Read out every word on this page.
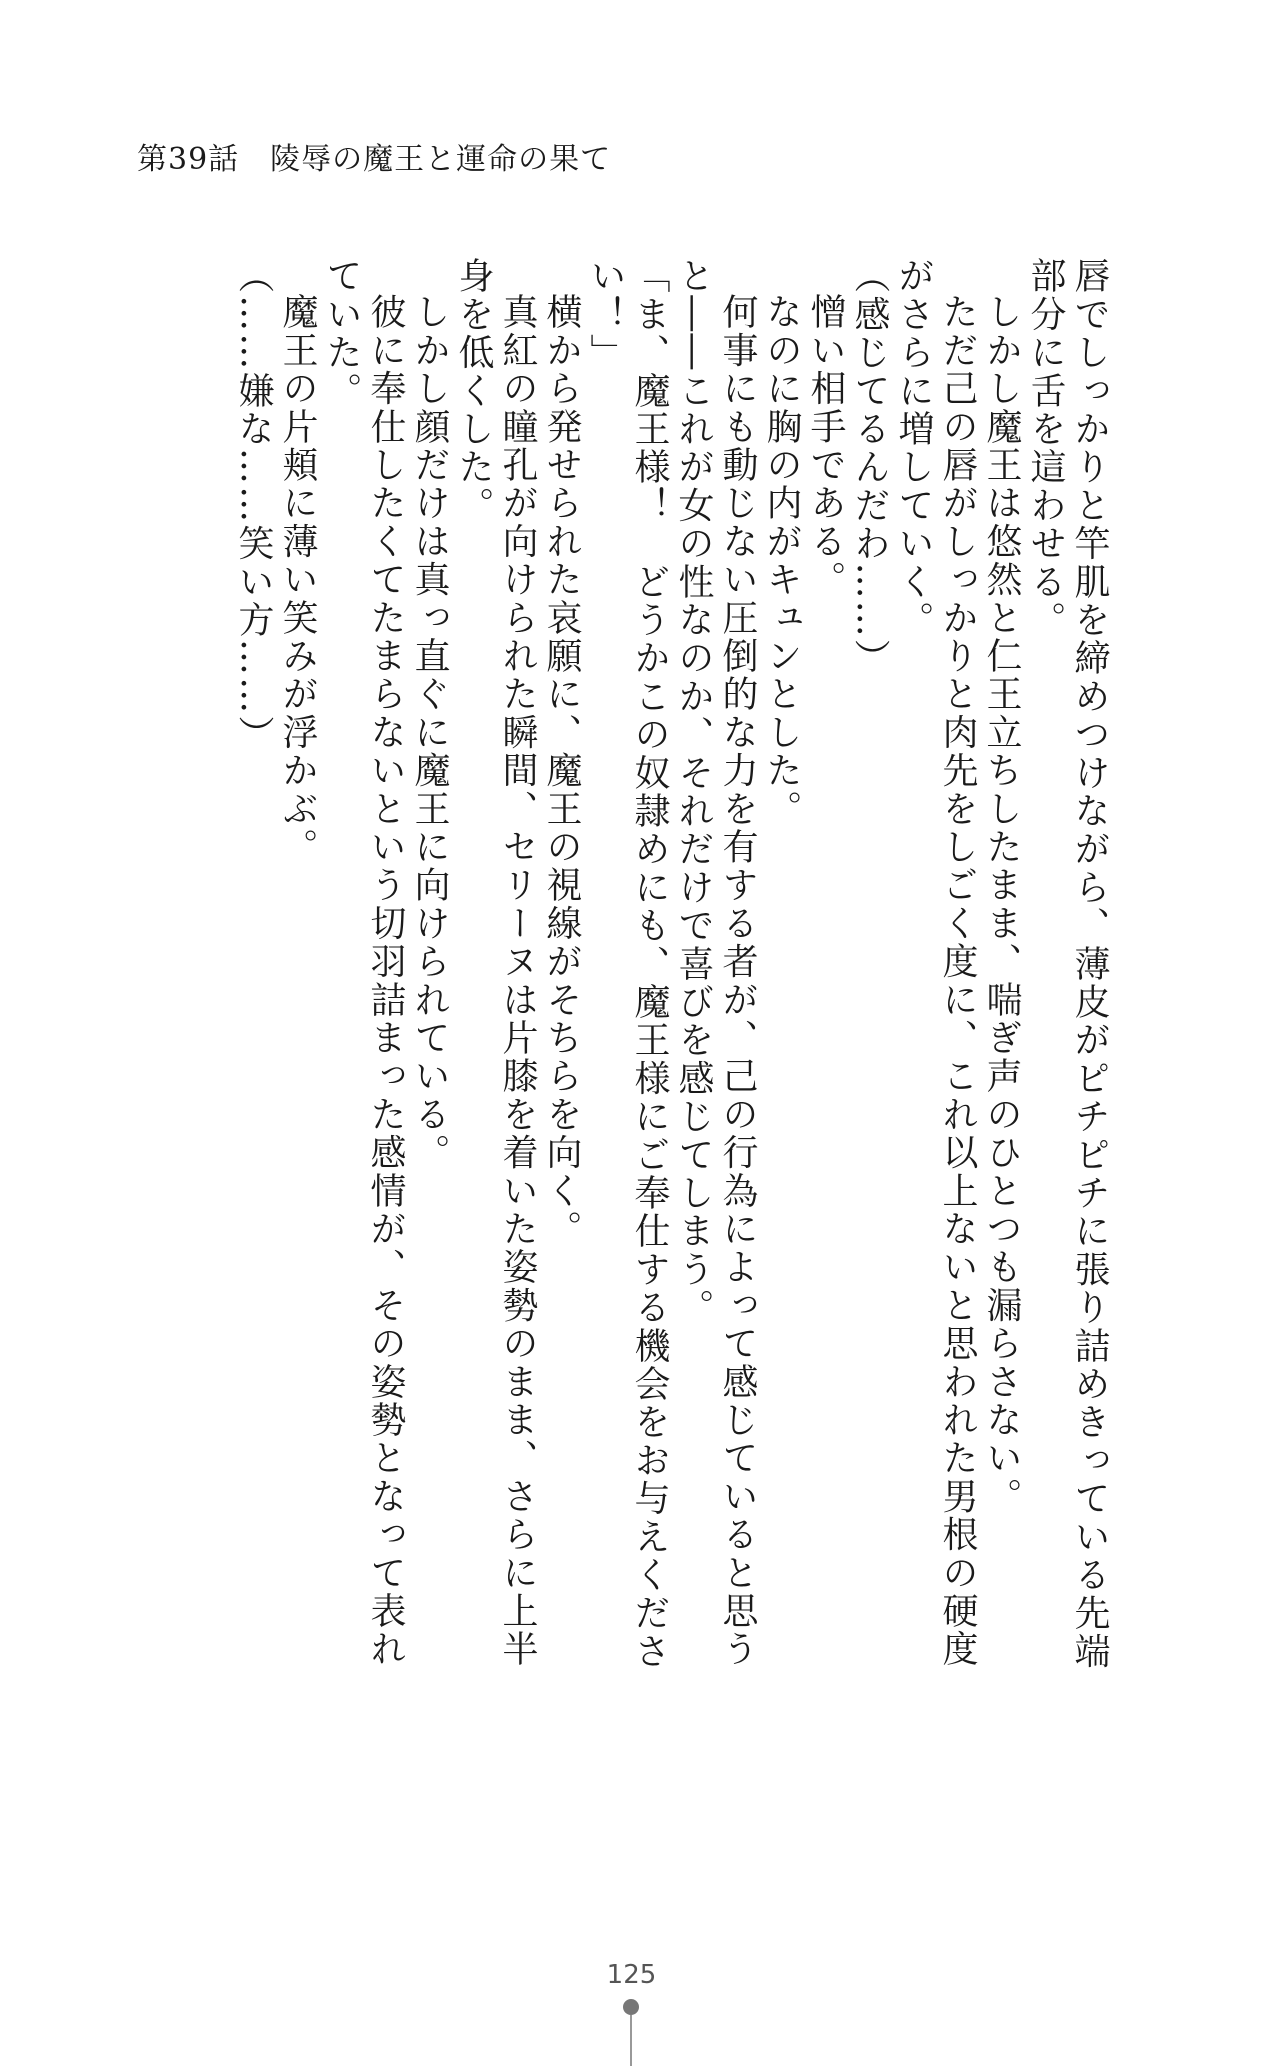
第39話　陵辱の魔王と運命の果て

唇でしっかりと竿肌を締めつけながら、薄皮がピチピチに張り詰めきっている先端部分に舌を這わせる。

しかし魔王は悠然と仁王立ちしたまま、喘ぎ声のひとつも漏らさない。

ただ己の唇がしっかりと肉先をしごく度に、これ以上ないと思われた男根の硬度がさらに増していく。

（感じてるんだわ……）

憎い相手である。

なのに胸の内がキュンとした。

何事にも動じない圧倒的な力を有する者が、己の行為によって感じていると思うと――これが女の性なのか、それだけで喜びを感じてしまう。

「ま、魔王様！　どうかこの奴隷めにも、魔王様にご奉仕する機会をお与えください！」

横から発せられた哀願に、魔王の視線がそちらを向く。

真紅の瞳孔が向けられた瞬間、セリーヌは片膝を着いた姿勢のまま、さらに上半身を低くした。

しかし顔だけは真っ直ぐに魔王に向けられている。

彼に奉仕したくてたまらないという切羽詰まった感情が、その姿勢となって表れていた。

魔王の片頬に薄い笑みが浮かぶ。

（……嫌な……笑い方……）

125
